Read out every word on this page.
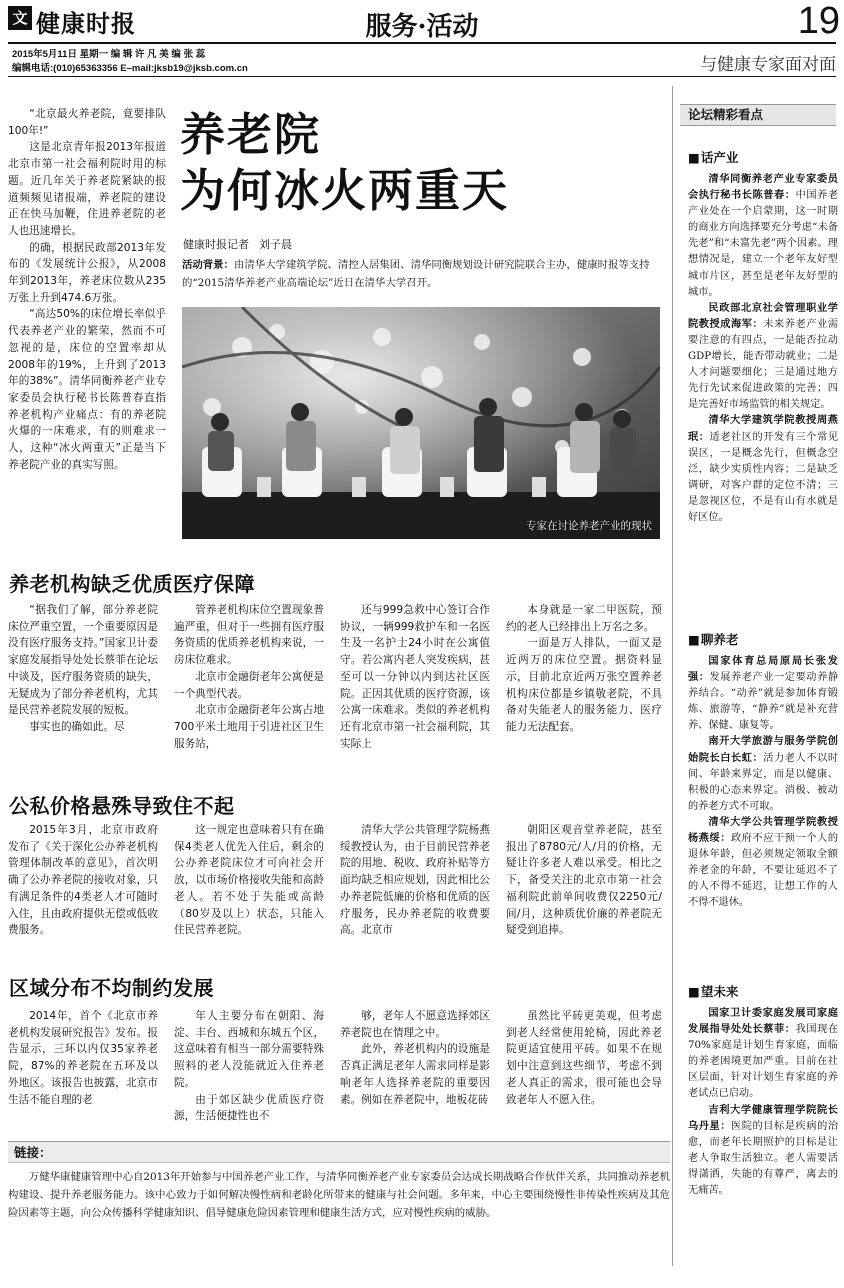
文 健康时报	服务·活动	19
2015年5月11日 星期一 编 辑 许 凡 美 编 张 蕊
编辑电话:(010)65363356 E–mail:jksb19@jksb.com.cn	与健康专家面对面
养老院
为何冰火两重天
健康时报记者 刘子晨
活动背景：由清华大学建筑学院、清控人居集团、清华同衡规划设计研究院联合主办，健康时报等支持的“2015清华养老产业高端论坛”近日在清华大学召开。

“北京最火养老院，竟要排队100年!”

这是北京青年报2013年报道北京市第一社会福利院时用的标题。近几年关于养老院紧缺的报道频频见诸报端，养老院的建设正在快马加鞭，住进养老院的老人也迅速增长。

的确，根据民政部2013年发布的《发展统计公报》，从2008年到2013年，养老床位数从235万张上升到474.6万张。

“高达50%的床位增长率似乎代表养老产业的繁荣，然而不可忽视的是，床位的空置率却从2008年的19%，上升到了2013年的38%”。清华同衡养老产业专家委员会执行秘书长陈普春直指养老机构产业痛点：有的养老院火爆的一床难求，有的则难求一人，这种“冰火两重天”正是当下养老院产业的真实写照。

专家在讨论养老产业的现状
养老机构缺乏优质医疗保障

“据我们了解，部分养老院床位严重空置，一个重要原因是没有医疗服务支持。”国家卫计委家庭发展指导处处长蔡菲在论坛中谈及，医疗服务资质的缺失，无疑成为了部分养老机构，尤其是民营养老院发展的短板。

事实也的确如此。尽

管养老机构床位空置现象普遍严重，但对于一些拥有医疗服务资质的优质养老机构来说，一房床位难求。

北京市金融街老年公寓便是一个典型代表。

北京市金融街老年公寓占地700平米土地用于引进社区卫生服务站，

还与999急救中心签订合作协议，一辆999救护车和一名医生及一名护士24小时在公寓值守。若公寓内老人突发疾病，甚至可以一分钟以内到达社区医院。正因其优质的医疗资源，该公寓一床难求。类似的养老机构还有北京市第一社会福利院，其实际上

本身就是一家二甲医院，预约的老人已经排出上万名之多。

一面是万人排队，一面又是近两万的床位空置。据资料显示，目前北京近两万张空置养老机构床位都是乡镇敬老院，不具备对失能老人的服务能力、医疗能力无法配套。

公私价格悬殊导致住不起

2015年3月，北京市政府发布了《关于深化公办养老机构管理体制改革的意见》，首次明确了公办养老院的接收对象，只有满足条件的4类老人才可随时入住，且由政府提供无偿或低收费服务。

这一规定也意味着只有在确保4类老人优先入住后，剩余的公办养老院床位才可向社会开放，以市场价格接收失能和高龄老人。若不处于失能或高龄（80岁及以上）状态，只能入住民营养老院。

清华大学公共管理学院杨燕绥教授认为，由于目前民营养老院的用地、税收、政府补贴等方面均缺乏相应规划，因此相比公办养老院低廉的价格和优质的医疗服务，民办养老院的收费要高。北京市

朝阳区观音堂养老院，甚至报出了8780元/人/月的价格，无疑让许多老人难以承受。相比之下，备受关注的北京市第一社会福利院此前单间收费仅2250元/间/月，这种质优价廉的养老院无疑受到追捧。

区域分布不均制约发展

2014年，首个《北京市养老机构发展研究报告》发布。报告显示，三环以内仅35家养老院，87%的养老院在五环及以外地区。该报告也披露，北京市生活不能自理的老

年人主要分布在朝阳、海淀、丰台、西城和东城五个区，这意味着有相当一部分需要特殊照料的老人没能就近入住养老院。

由于郊区缺少优质医疗资源，生活便捷性也不

够，老年人不愿意选择郊区养老院也在情理之中。

此外，养老机构内的设施是否真正满足老年人需求同样是影响老年人选择养老院的重要因素。例如在养老院中，地板花砖

虽然比平砖更美观，但考虑到老人经常使用轮椅，因此养老院更适宜使用平砖。如果不在规划中注意到这些细节，考虑不到老人真正的需求，很可能也会导致老年人不愿入住。

链接：

万健华康健康管理中心自2013年开始参与中国养老产业工作，与清华同衡养老产业专家委员会达成长期战略合作伙伴关系，共同推动养老机构建设、提升养老服务能力。该中心致力于如何解决慢性病和老龄化所带来的健康与社会问题。多年来，中心主要围绕慢性非传染性疾病及其危险因素等主题，向公众传播科学健康知识、倡导健康危险因素管理和健康生活方式，应对慢性疾病的威胁。

论坛精彩看点
■ 话产业

清华同衡养老产业专家委员会执行秘书长陈普春：中国养老产业处在一个启蒙期，这一时期的商业方向选择要充分考虑“未备先老”和“未富先老”两个因素。理想情况是，建立一个老年友好型城市片区，甚至是老年友好型的城市。

民政部北京社会管理职业学院教授成海军：未来养老产业需要注意的有四点，一是能否拉动GDP增长，能否带动就业；二是人才问题要细化；三是通过地方先行先试来促进政策的完善；四是完善好市场监管的相关规定。

清华大学建筑学院教授周燕珉：适老社区的开发有三个常见误区，一是概念先行，但概念空泛，缺少实质性内容；二是缺乏调研，对客户群的定位不清；三是忽视区位，不是有山有水就是好区位。

■ 聊养老

国家体育总局原局长张发强：发展养老产业一定要动养静养结合。“动养”就是参加体育锻炼、旅游等，“静养”就是补充营养、保健、康复等。

南开大学旅游与服务学院创始院长白长虹：活力老人不以时间、年龄来界定，而是以健康、积极的心态来界定。消极、被动的养老方式不可取。

清华大学公共管理学院教授杨燕绥：政府不应干预一个人的退休年龄，但必须规定领取全额养老金的年龄，不要让延迟不了的人不得不延迟，让想工作的人不得不退休。

■ 望未来

国家卫计委家庭发展司家庭发展指导处处长蔡菲：我国现在70%家庭是计划生育家庭，面临的养老困境更加严重。目前在社区层面，针对计划生育家庭的养老试点已启动。

吉利大学健康管理学院院长乌丹星：医院的目标是疾病的治愈，而老年长期照护的目标是让老人争取生活独立。老人需要活得潇洒，失能的有尊严，离去的无痛苦。
